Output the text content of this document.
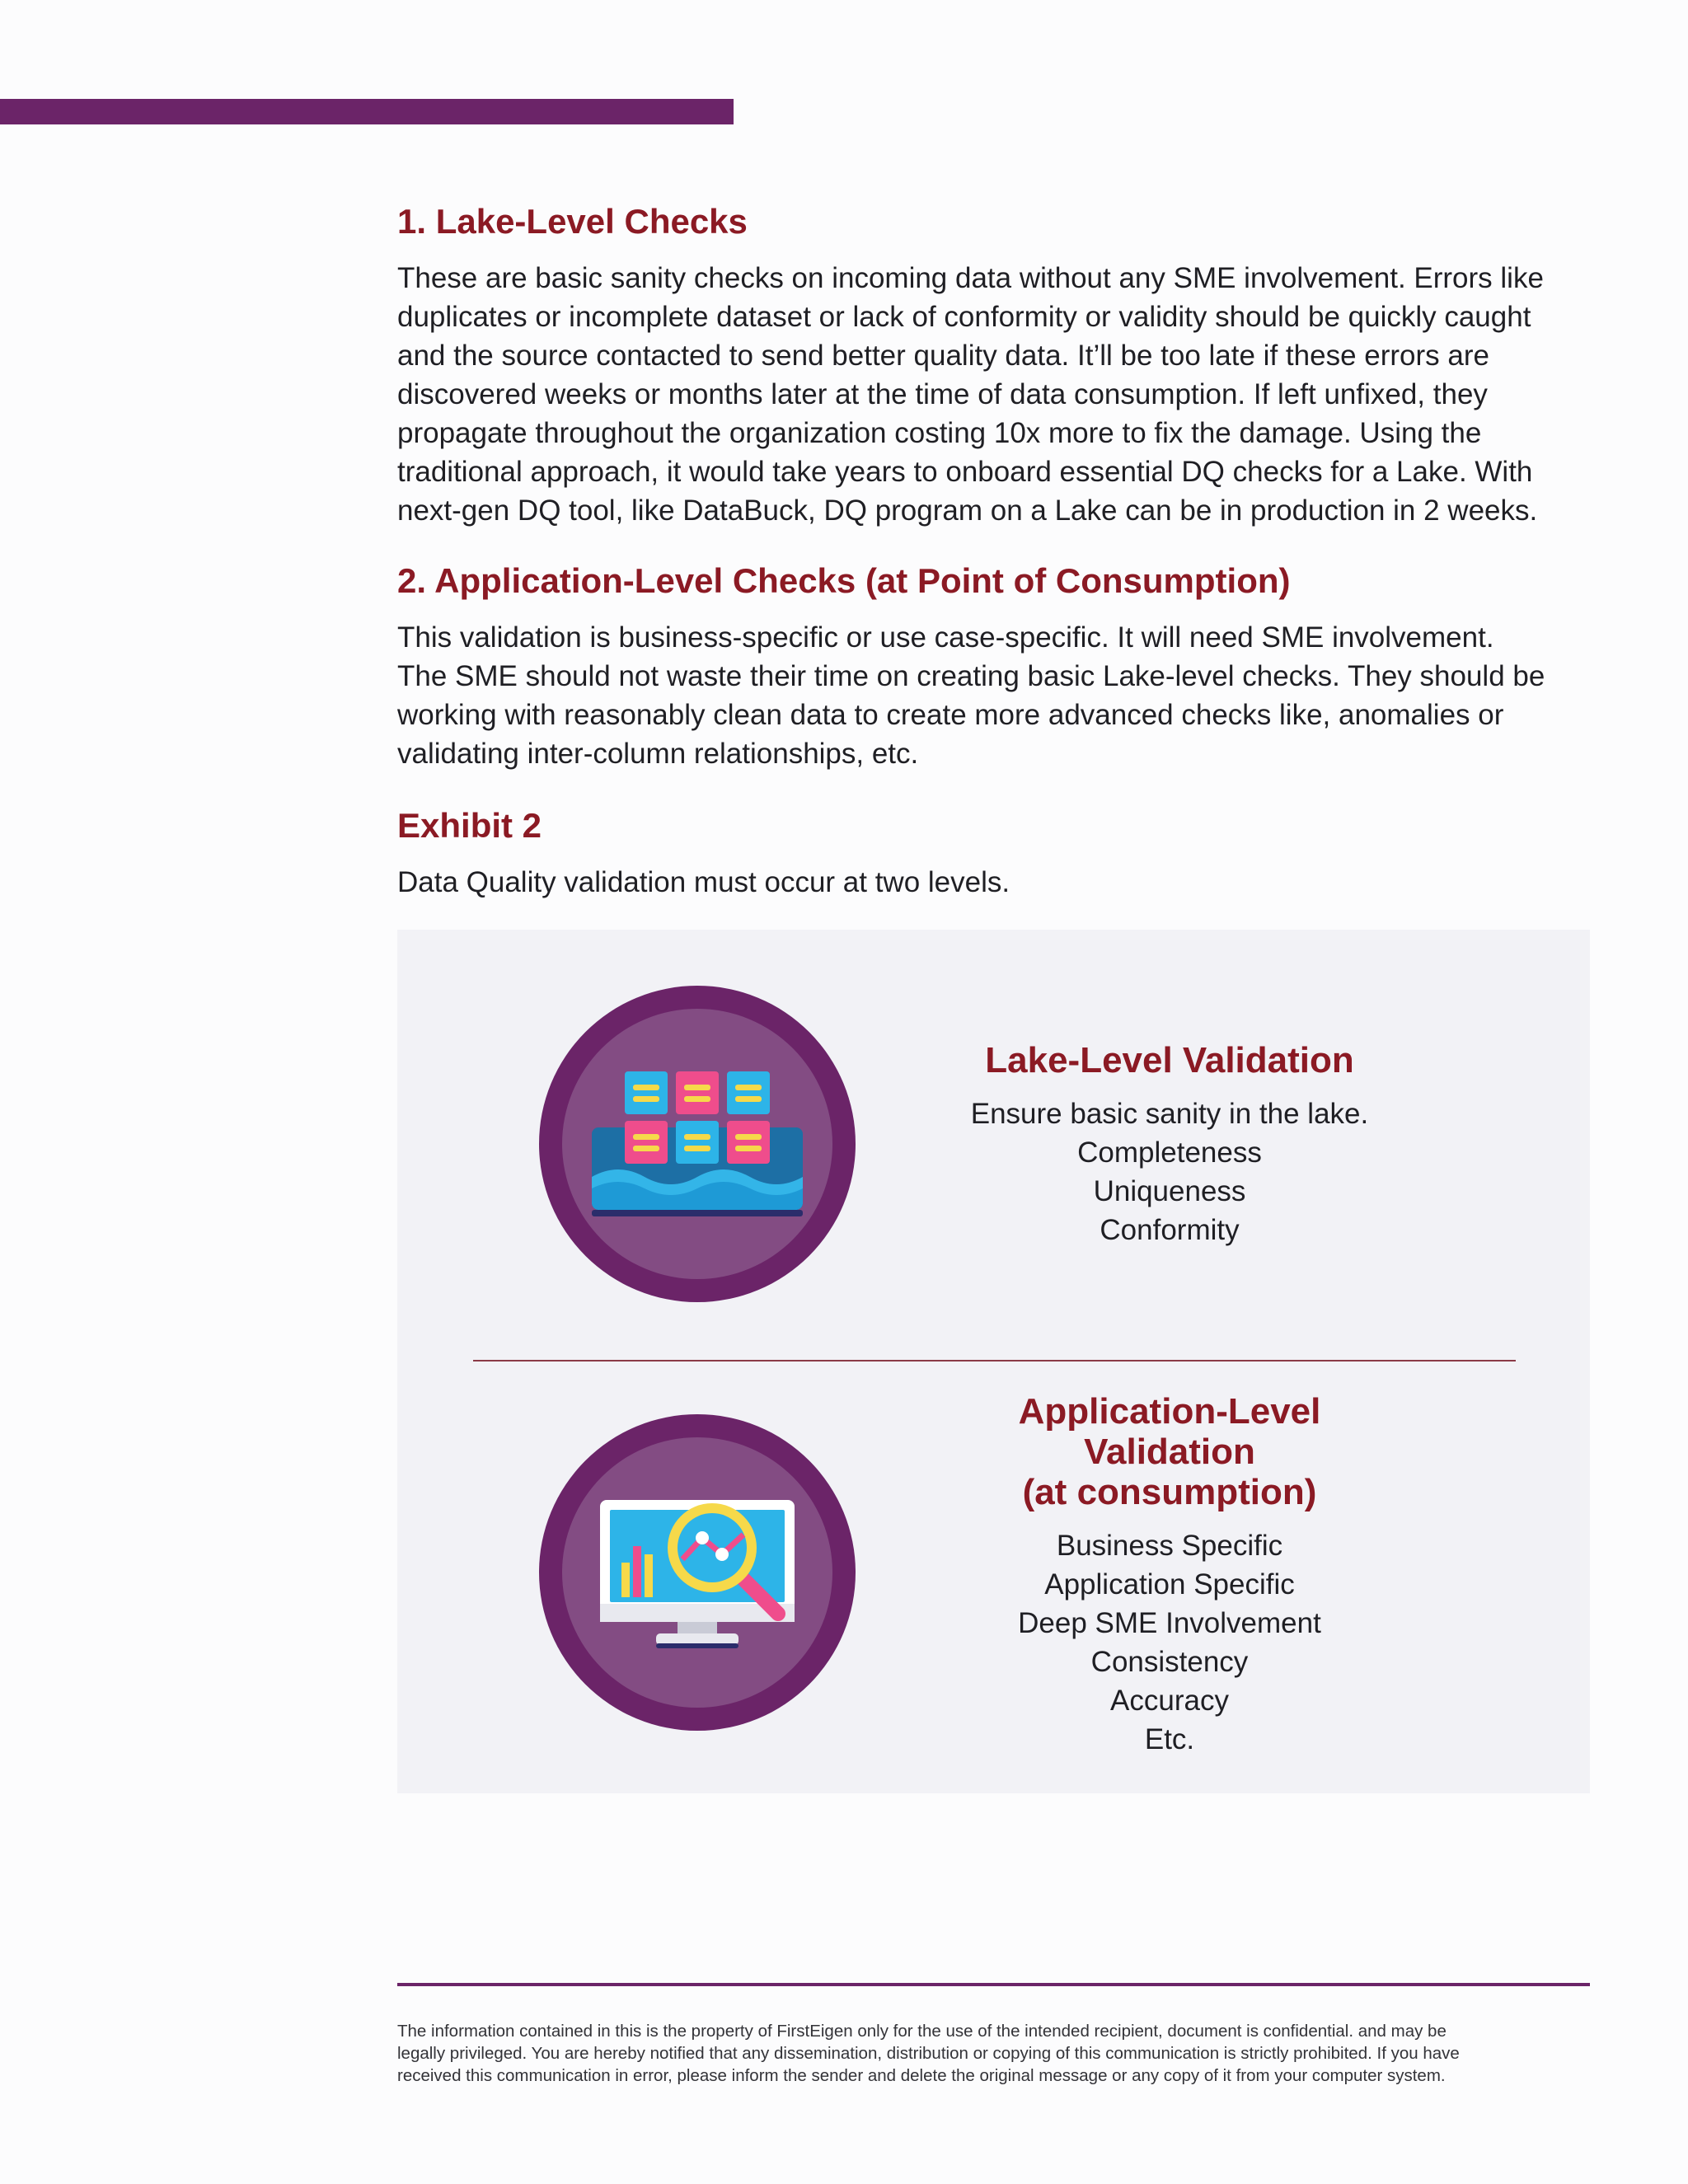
1. Lake-Level Checks

These are basic sanity checks on incoming data without any SME involvement. Errors like
duplicates or incomplete dataset or lack of conformity or validity should be quickly caught
and the source contacted to send better quality data. It’ll be too late if these errors are
discovered weeks or months later at the time of data consumption. If left unfixed, they
propagate throughout the organization costing 10x more to fix the damage. Using the
traditional approach, it would take years to onboard essential DQ checks for a Lake. With
next-gen DQ tool, like DataBuck, DQ program on a Lake can be in production in 2 weeks.

2. Application-Level Checks (at Point of Consumption)

This validation is business-specific or use case-specific. It will need SME involvement.
The SME should not waste their time on creating basic Lake-level checks. They should be
working with reasonably clean data to create more advanced checks like, anomalies or
validating inter-column relationships, etc.

Exhibit 2

Data Quality validation must occur at two levels.

Lake-Level Validation
Ensure basic sanity in the lake.
Completeness
Uniqueness
Conformity
Application-Level
Validation
(at consumption)
Business Specific
Application Specific
Deep SME Involvement
Consistency
Accuracy
Etc.

The information contained in this is the property of FirstEigen only for the use of the intended recipient, document is confidential. and may be
legally privileged. You are hereby notified that any dissemination, distribution or copying of this communication is strictly prohibited. If you have
received this communication in error, please inform the sender and delete the original message or any copy of it from your computer system.
